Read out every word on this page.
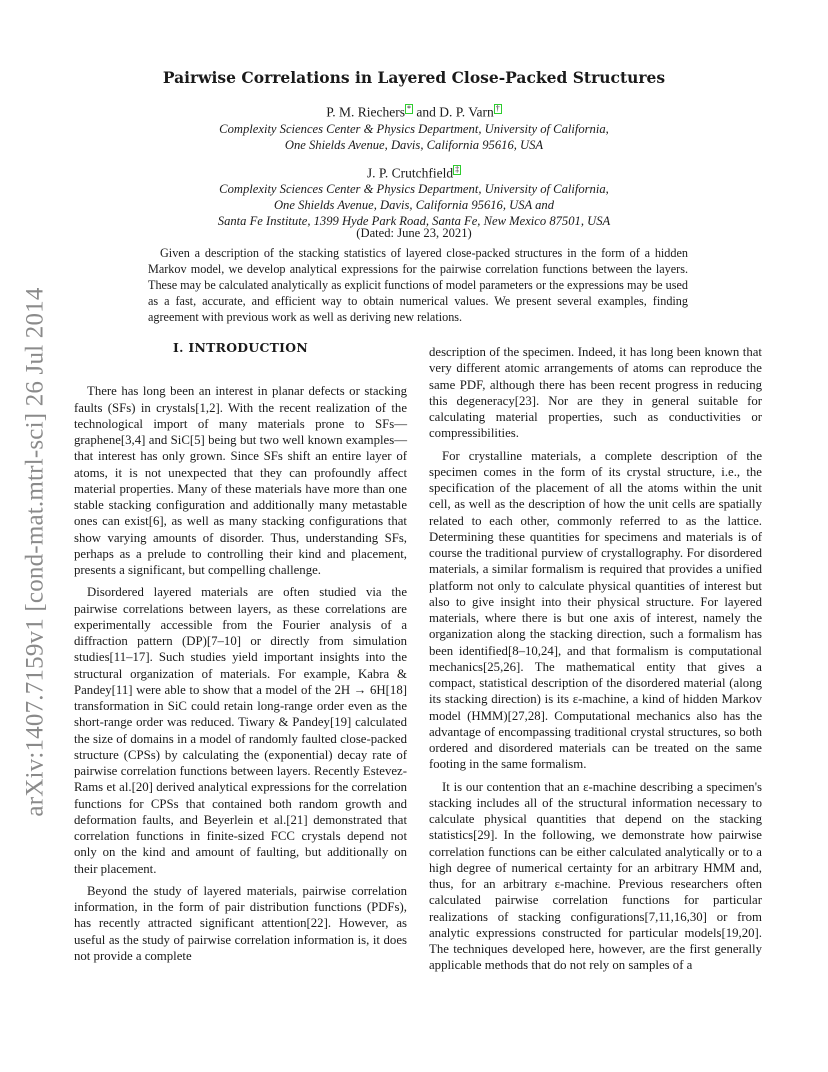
arXiv:1407.7159v1 [cond-mat.mtrl-sci] 26 Jul 2014
Pairwise Correlations in Layered Close-Packed Structures
P. M. Riechers * and D. P. Varn †
Complexity Sciences Center & Physics Department, University of California,
One Shields Avenue, Davis, California 95616, USA
J. P. Crutchfield ‡
Complexity Sciences Center & Physics Department, University of California,
One Shields Avenue, Davis, California 95616, USA and
Santa Fe Institute, 1399 Hyde Park Road, Santa Fe, New Mexico 87501, USA
(Dated: June 23, 2021)
Given a description of the stacking statistics of layered close-packed structures in the form of a hidden Markov model, we develop analytical expressions for the pairwise correlation functions between the layers. These may be calculated analytically as explicit functions of model parameters or the expressions may be used as a fast, accurate, and efficient way to obtain numerical values. We present several examples, finding agreement with previous work as well as deriving new relations.
I. INTRODUCTION

There has long been an interest in planar defects or stacking faults (SFs) in crystals[1,2]. With the recent realization of the technological import of many materials prone to SFs—graphene[3,4] and SiC[5] being but two well known examples—that interest has only grown. Since SFs shift an entire layer of atoms, it is not unexpected that they can profoundly affect material properties. Many of these materials have more than one stable stacking configuration and additionally many metastable ones can exist[6], as well as many stacking configurations that show varying amounts of disorder. Thus, understanding SFs, perhaps as a prelude to controlling their kind and placement, presents a significant, but compelling challenge.

Disordered layered materials are often studied via the pairwise correlations between layers, as these correlations are experimentally accessible from the Fourier analysis of a diffraction pattern (DP)[7–10] or directly from simulation studies[11–17]. Such studies yield important insights into the structural organization of materials. For example, Kabra & Pandey[11] were able to show that a model of the 2H → 6H[18] transformation in SiC could retain long-range order even as the short-range order was reduced. Tiwary & Pandey[19] calculated the size of domains in a model of randomly faulted close-packed structure (CPSs) by calculating the (exponential) decay rate of pairwise correlation functions between layers. Recently Estevez-Rams et al.[20] derived analytical expressions for the correlation functions for CPSs that contained both random growth and deformation faults, and Beyerlein et al.[21] demonstrated that correlation functions in finite-sized FCC crystals depend not only on the kind and amount of faulting, but additionally on their placement.

Beyond the study of layered materials, pairwise correlation information, in the form of pair distribution functions (PDFs), has recently attracted significant attention[22]. However, as useful as the study of pairwise correlation information is, it does not provide a complete

description of the specimen. Indeed, it has long been known that very different atomic arrangements of atoms can reproduce the same PDF, although there has been recent progress in reducing this degeneracy[23]. Nor are they in general suitable for calculating material properties, such as conductivities or compressibilities.

For crystalline materials, a complete description of the specimen comes in the form of its crystal structure, i.e., the specification of the placement of all the atoms within the unit cell, as well as the description of how the unit cells are spatially related to each other, commonly referred to as the lattice. Determining these quantities for specimens and materials is of course the traditional purview of crystallography. For disordered materials, a similar formalism is required that provides a unified platform not only to calculate physical quantities of interest but also to give insight into their physical structure. For layered materials, where there is but one axis of interest, namely the organization along the stacking direction, such a formalism has been identified[8–10,24], and that formalism is computational mechanics[25,26]. The mathematical entity that gives a compact, statistical description of the disordered material (along its stacking direction) is its ε-machine, a kind of hidden Markov model (HMM)[27,28]. Computational mechanics also has the advantage of encompassing traditional crystal structures, so both ordered and disordered materials can be treated on the same footing in the same formalism.

It is our contention that an ε-machine describing a specimen's stacking includes all of the structural information necessary to calculate physical quantities that depend on the stacking statistics[29]. In the following, we demonstrate how pairwise correlation functions can be either calculated analytically or to a high degree of numerical certainty for an arbitrary HMM and, thus, for an arbitrary ε-machine. Previous researchers often calculated pairwise correlation functions for particular realizations of stacking configurations[7,11,16,30] or from analytic expressions constructed for particular models[19,20]. The techniques developed here, however, are the first generally applicable methods that do not rely on samples of a
